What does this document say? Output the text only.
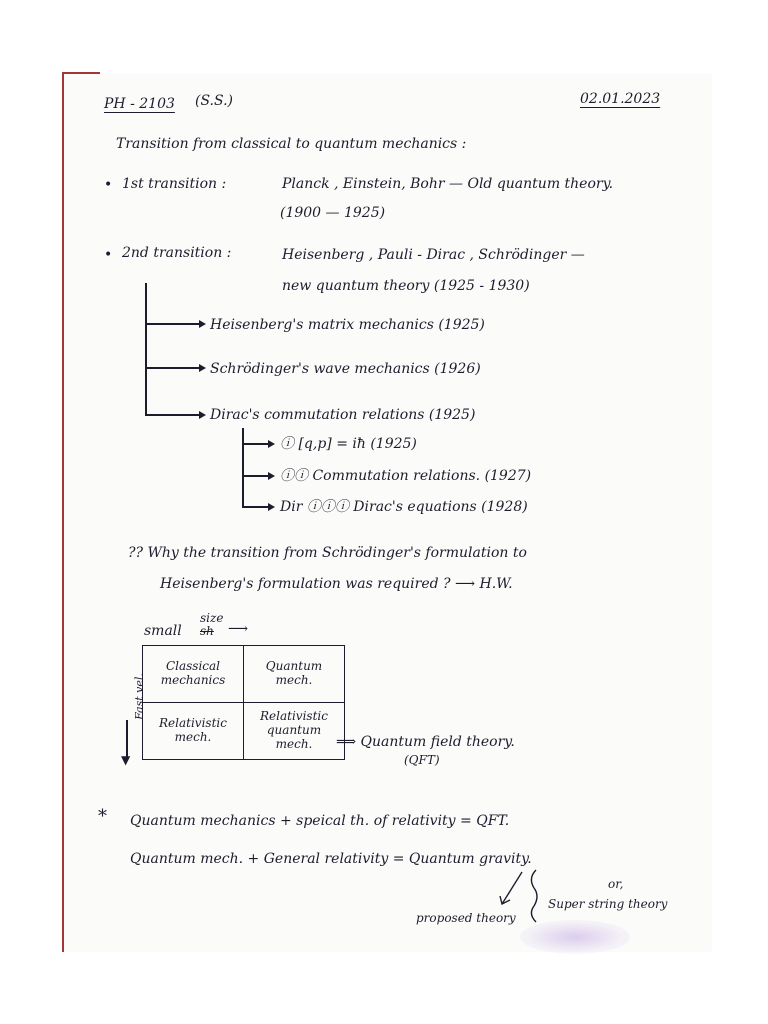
PH - 2103 (S.S.)	02.01.2023
Transition from classical to quantum mechanics :
• 1st transition :	Planck , Einstein, Bohr — Old quantum theory.
(1900 — 1925)
• 2nd transition :	Heisenberg , Pauli - Dirac , Schrödinger —
new quantum theory (1925 - 1930)
Heisenberg's matrix mechanics (1925)
Schrödinger's wave mechanics (1926)
Dirac's commutation relations (1925)
ⓘ [q,p] = iħ (1925)
ⓘⓘ Commutation relations. (1927)
Dir ⓘⓘⓘ Dirac's equations (1928)
?? Why the transition from Schrödinger's formulation to
Heisenberg's formulation was required ? ⟶ H.W.
size
small sh ⟶
Fast vel.
▼
Classical mechanics	Quantum mech.
Relativistic mech.	Relativistic quantum mech. ⟹ Quantum field theory.
(QFT)
* Quantum mechanics + speical th. of relativity = QFT.
Quantum mech. + General relativity = Quantum gravity.
or,
Super string theory
proposed theory
